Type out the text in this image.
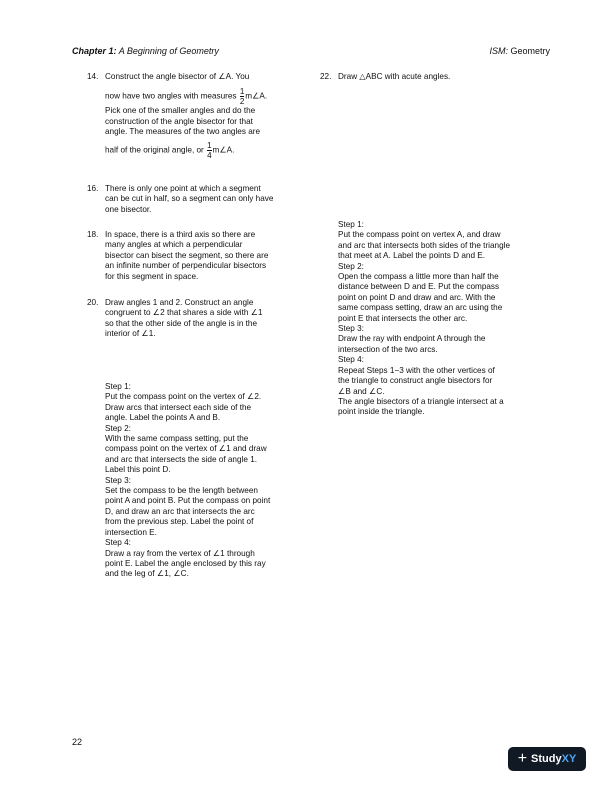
Chapter 1: A Beginning of Geometry	ISM: Geometry
14. Construct the angle bisector of ∠A. You
now have two angles with measures $\frac{1}{2}$ m∠A.
Pick one of the smaller angles and do the
construction of the angle bisector for that
angle. The measures of the two angles are
half of the original angle, or $\frac{1}{4}$ m∠A.
16. There is only one point at which a segment
can be cut in half, so a segment can only have
one bisector.
18. In space, there is a third axis so there are
many angles at which a perpendicular
bisector can bisect the segment, so there are
an infinite number of perpendicular bisectors
for this segment in space.
20. Draw angles 1 and 2. Construct an angle
congruent to ∠2 that shares a side with ∠1
so that the other side of the angle is in the
interior of ∠1.
Step 1:
Put the compass point on the vertex of ∠2.
Draw arcs that intersect each side of the
angle. Label the points A and B.
Step 2:
With the same compass setting, put the
compass point on the vertex of ∠1 and draw
and arc that intersects the side of angle 1.
Label this point D.
Step 3:
Set the compass to be the length between
point A and point B. Put the compass on point
D, and draw an arc that intersects the arc
from the previous step. Label the point of
intersection E.
Step 4:
Draw a ray from the vertex of ∠1 through
point E. Label the angle enclosed by this ray
and the leg of ∠1, ∠C.
22. Draw △ABC with acute angles.
Step 1:
Put the compass point on vertex A, and draw
and arc that intersects both sides of the triangle
that meet at A. Label the points D and E.
Step 2:
Open the compass a little more than half the
distance between D and E. Put the compass
point on point D and draw and arc. With the
same compass setting, draw an arc using the
point E that intersects the other arc.
Step 3:
Draw the ray with endpoint A through the
intersection of the two arcs.
Step 4:
Repeat Steps 1−3 with the other vertices of
the triangle to construct angle bisectors for
∠B and ∠C.
The angle bisectors of a triangle intersect at a
point inside the triangle.
22
+ Study XY
